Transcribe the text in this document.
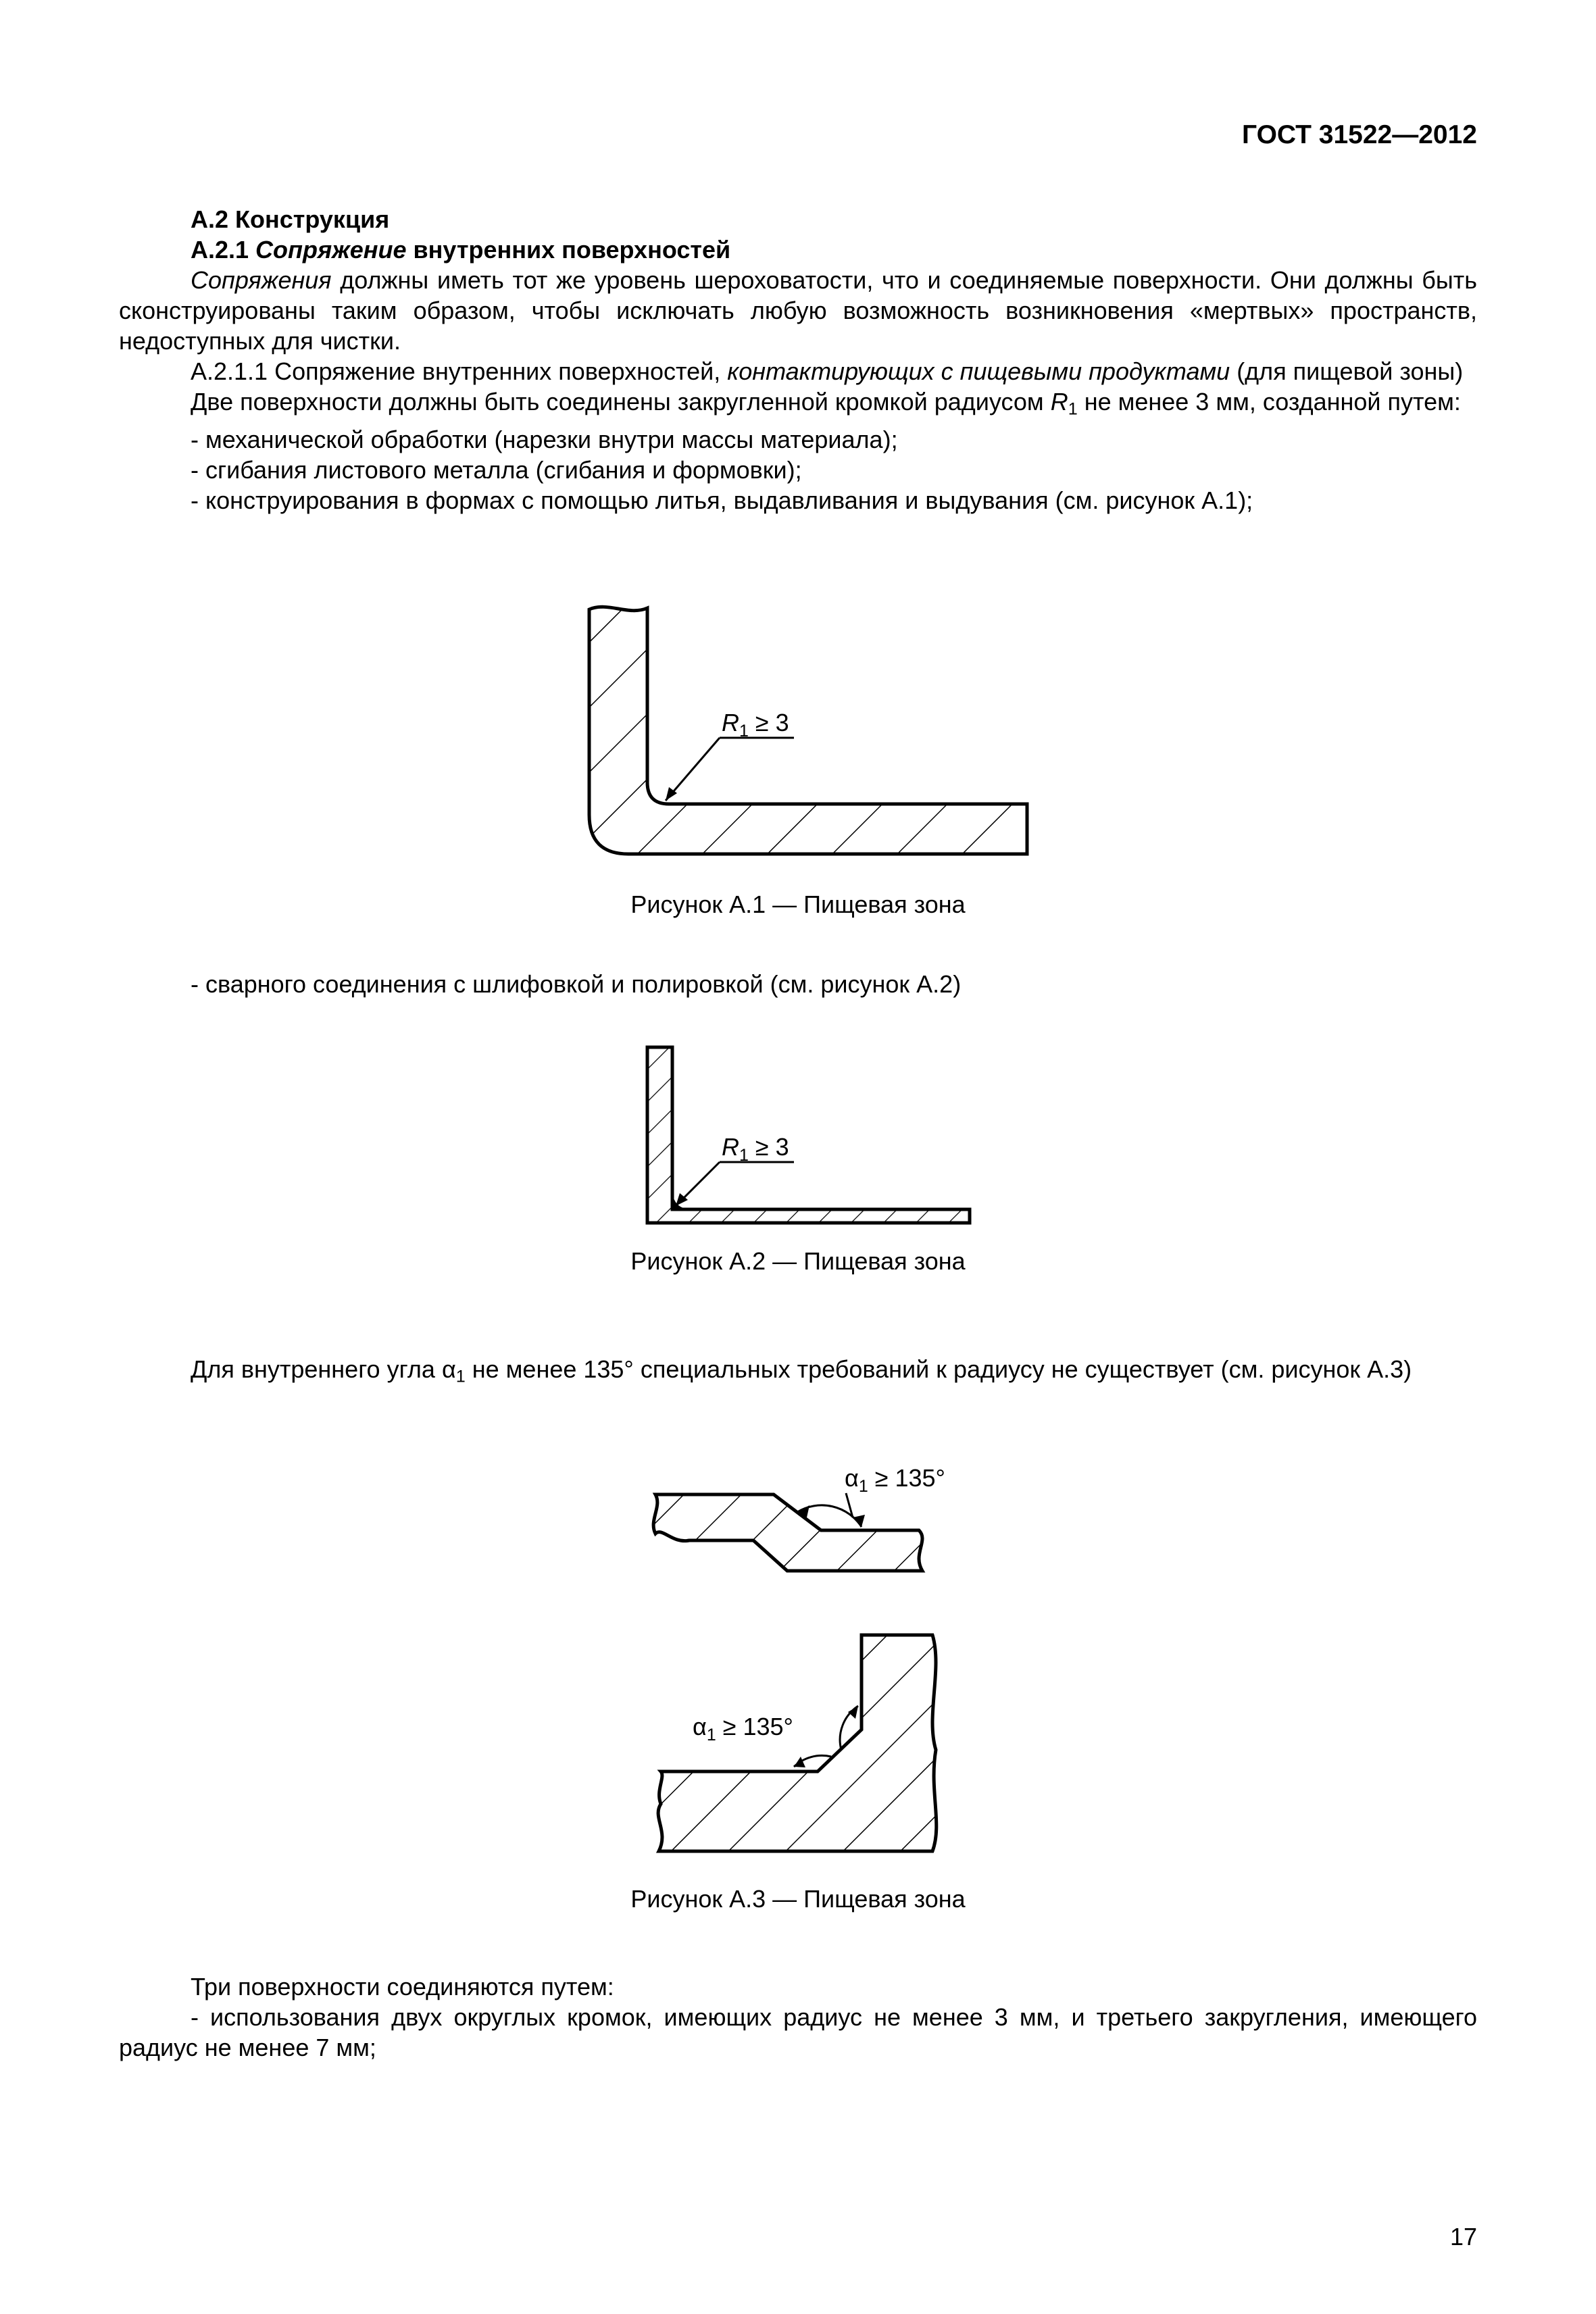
ГОСТ 31522—2012

А.2 Конструкция

А.2.1 Сопряжение внутренних поверхностей

Сопряжения должны иметь тот же уровень шероховатости, что и соединяемые поверхности. Они должны быть сконструированы таким образом, чтобы исключать любую возможность возникновения «мертвых» пространств, недоступных для чистки.

А.2.1.1 Сопряжение внутренних поверхностей, контактирующих с пищевыми продуктами (для пищевой зоны)

Две поверхности должны быть соединены закругленной кромкой радиусом $R_1$ не менее 3 мм, созданной путем:

- механической обработки (нарезки внутри массы материала);

- сгибания листового металла (сгибания и формовки);

- конструирования в формах с помощью литья, выдавливания и выдувания (см. рисунок А.1);

$R_1 \ge 3$
Рисунок А.1 — Пищевая зона

- сварного соединения с шлифовкой и полировкой (см. рисунок А.2)

$R_1 \ge 3$
Рисунок А.2 — Пищевая зона

Для внутреннего угла $\alpha_1$ не менее 135° специальных требований к радиусу не существует (см. рисунок А.3)

$\alpha_1 \ge 135^\circ$
$\alpha_1 \ge 135^\circ$
Рисунок А.3 — Пищевая зона

Три поверхности соединяются путем:

- использования двух округлых кромок, имеющих радиус не менее 3 мм, и третьего закругления, имеющего радиус не менее 7 мм;

17
